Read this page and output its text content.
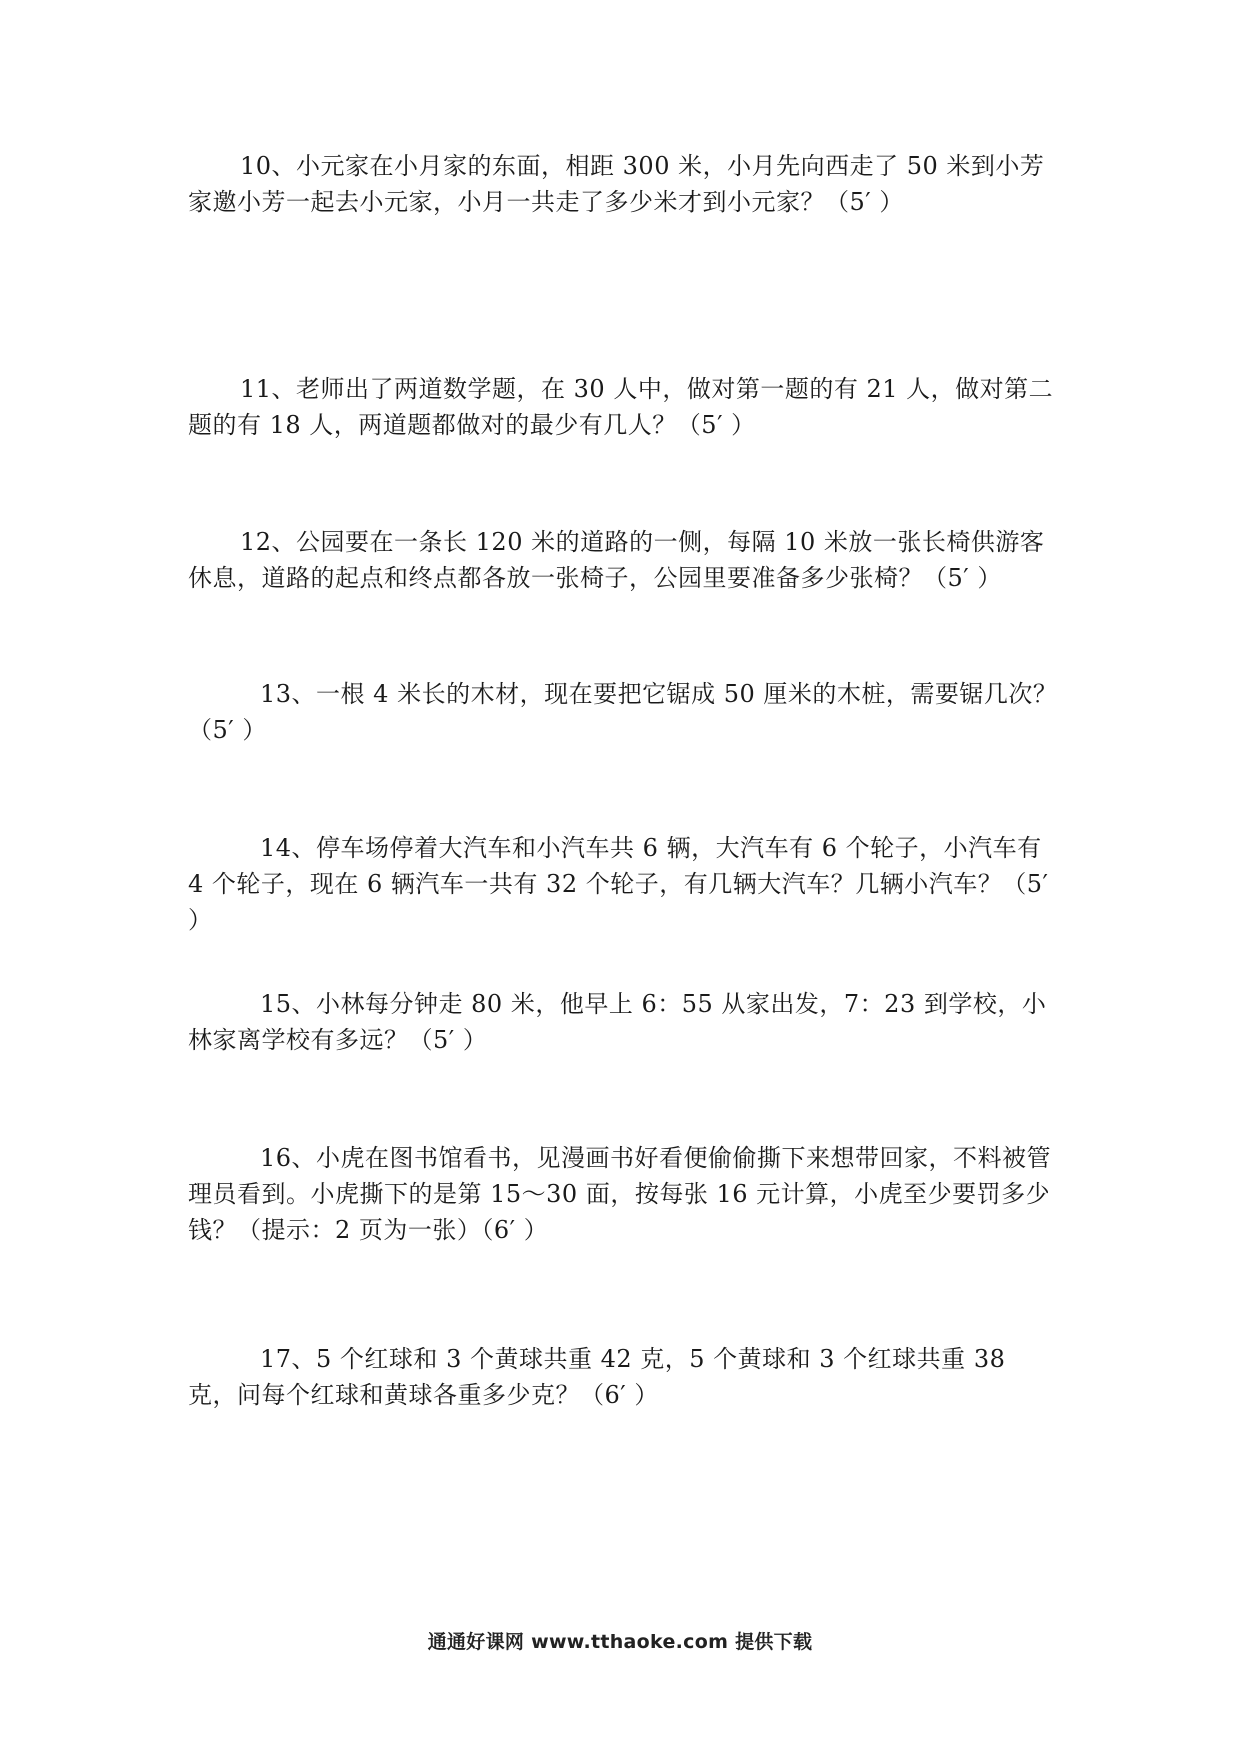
10、小元家在小月家的东面，相距 300 米，小月先向西走了 50 米到小芳家邀小芳一起去小元家，小月一共走了多少米才到小元家？（5′ ）

11、老师出了两道数学题，在 30 人中，做对第一题的有 21 人，做对第二题的有 18 人，两道题都做对的最少有几人？（5′ ）

12、公园要在一条长 120 米的道路的一侧，每隔 10 米放一张长椅供游客休息，道路的起点和终点都各放一张椅子，公园里要准备多少张椅？（5′ ）

13、一根 4 米长的木材，现在要把它锯成 50 厘米的木桩，需要锯几次？（5′ ）

14、停车场停着大汽车和小汽车共 6 辆，大汽车有 6 个轮子，小汽车有 4 个轮子，现在 6 辆汽车一共有 32 个轮子，有几辆大汽车？几辆小汽车？（5′ ）

15、小林每分钟走 80 米，他早上 6：55 从家出发，7：23 到学校，小林家离学校有多远？（5′ ）

16、小虎在图书馆看书，见漫画书好看便偷偷撕下来想带回家，不料被管理员看到。小虎撕下的是第 15～30 面，按每张 16 元计算，小虎至少要罚多少钱？（提示：2 页为一张）（6′ ）

17、5 个红球和 3 个黄球共重 42 克，5 个黄球和 3 个红球共重 38 克，问每个红球和黄球各重多少克？（6′ ）

通通好课网 www.tthaoke.com 提供下载
